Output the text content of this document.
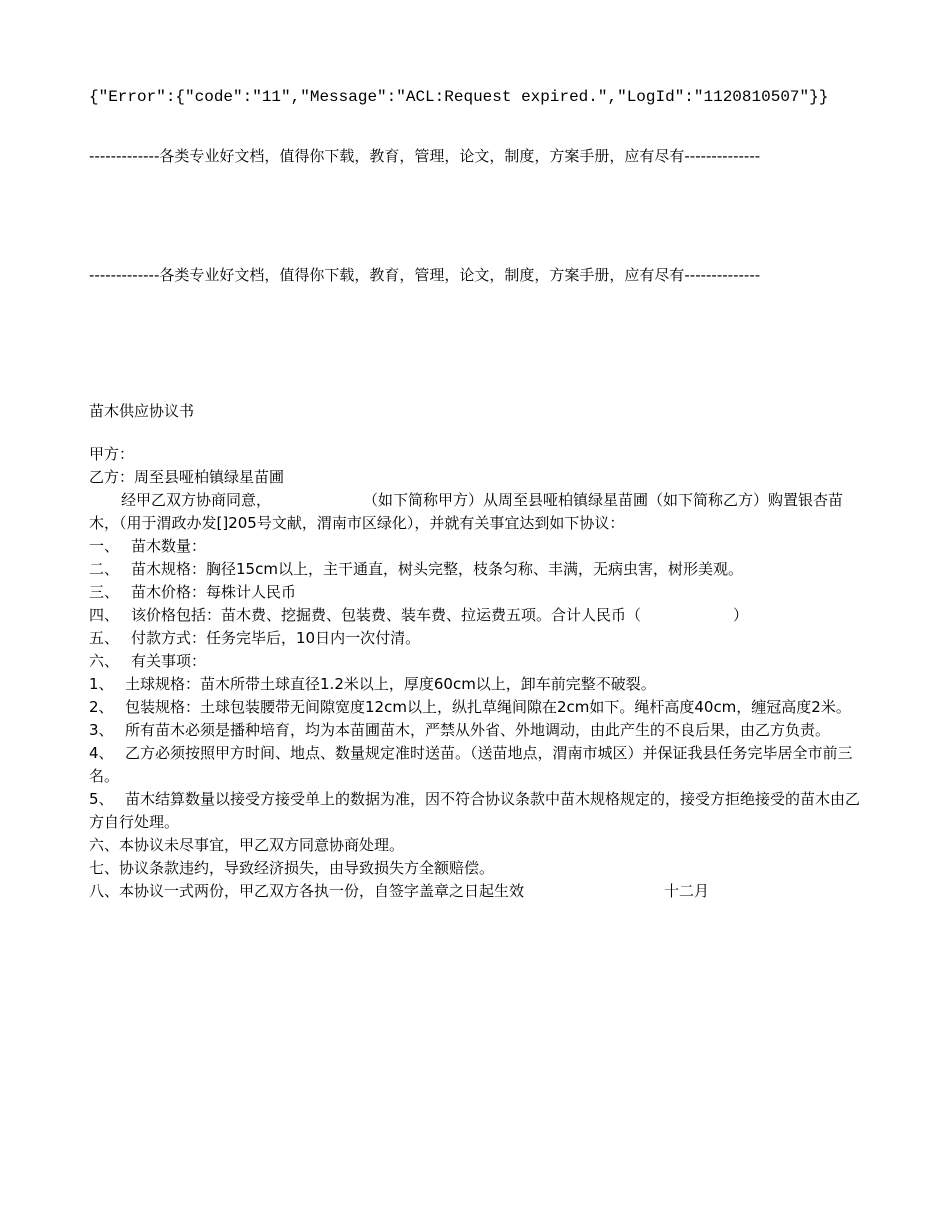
{"Error":{"code":"11","Message":"ACL:Request expired.","LogId":"1120810507"}}
-------------各类专业好文档，值得你下载，教育，管理，论文，制度，方案手册，应有尽有--------------
-------------各类专业好文档，值得你下载，教育，管理，论文，制度，方案手册，应有尽有--------------
苗木供应协议书
甲方：
乙方：周至县哑柏镇绿星苗圃
经甲乙双方协商同意，	（如下简称甲方）从周至县哑柏镇绿星苗圃（如下简称乙方）购置银杏苗木，（用于渭政办发[]205号文献，渭南市区绿化），并就有关事宜达到如下协议：
一、 苗木数量：
二、 苗木规格：胸径15cm以上，主干通直，树头完整，枝条匀称、丰满，无病虫害，树形美观。
三、 苗木价格：每株计人民币
四、 该价格包括：苗木费、挖掘费、包装费、装车费、拉运费五项。合计人民币（	）
五、 付款方式：任务完毕后，10日内一次付清。
六、 有关事项：
1、 土球规格：苗木所带土球直径1.2米以上，厚度60cm以上，卸车前完整不破裂。
2、 包装规格：土球包装腰带无间隙宽度12cm以上，纵扎草绳间隙在2cm如下。绳杆高度40cm，缠冠高度2米。
3、 所有苗木必须是播种培育，均为本苗圃苗木，严禁从外省、外地调动，由此产生的不良后果，由乙方负责。
4、 乙方必须按照甲方时间、地点、数量规定准时送苗。（送苗地点，渭南市城区）并保证我县任务完毕居全市前三名。
5、 苗木结算数量以接受方接受单上的数据为准，因不符合协议条款中苗木规格规定的，接受方拒绝接受的苗木由乙方自行处理。
六、本协议未尽事宜，甲乙双方同意协商处理。
七、协议条款违约，导致经济损失，由导致损失方全额赔偿。
八、本协议一式两份，甲乙双方各执一份，自签字盖章之日起生效	十二月
